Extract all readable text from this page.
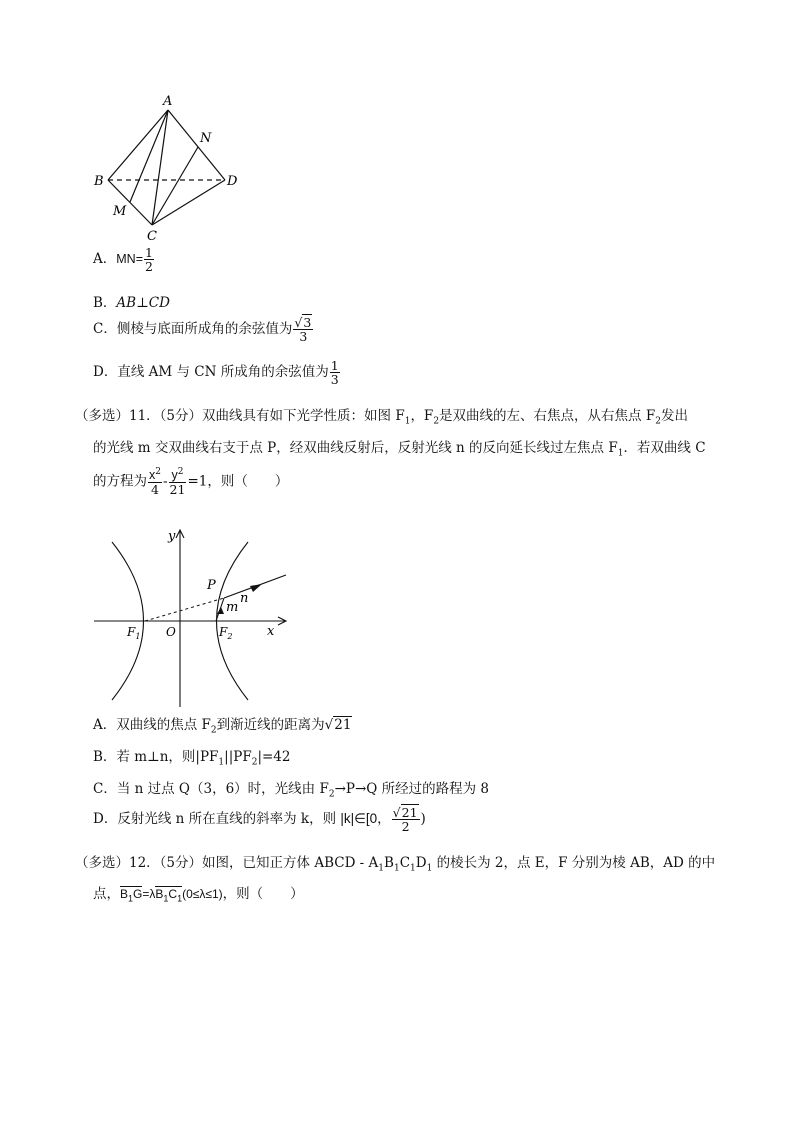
A
N
B	D
M
C
A．$MN= \frac{1}{2}$
B．AB⊥CD
C．侧棱与底面所成角的余弦值为 $\frac{√3}{3}$
D．直线 AM 与 CN 所成角的余弦值为 $\frac{1}{3}$
（多选）11．（5分）双曲线具有如下光学性质：如图 $F_1$，$F_2$是双曲线的左、右焦点，从右焦点 $F_2$发出
的光线 m 交双曲线右支于点 P，经双曲线反射后，反射光线 n 的反向延长线过左焦点 $F_1$．若双曲线 C
的方程为 $\frac{x^2}{4} - \frac{y^2}{21} =1$，则（　　）
y
P
n
m
$F_1$ O	$F_2$	x
A．双曲线的焦点 $F_2$到渐近线的距离为√21
B．若 m⊥n，则$|PF_1||PF_2|=42$
C．当 n 过点 Q（3，6）时，光线由 $F_2\to P\to Q$ 所经过的路程为 8
D．反射光线 n 所在直线的斜率为 k，则 |k|∈[0， $\frac{√21}{2}$ )
（多选）12．（5分）如图，已知正方体 ABCD - $A_1B_1C_1D_1$ 的棱长为 2，点 E，F 分别为棱 AB，AD 的中
点，$B_1G=\lambda B_1C_1(0\le\lambda\le 1)$，则（　　）
